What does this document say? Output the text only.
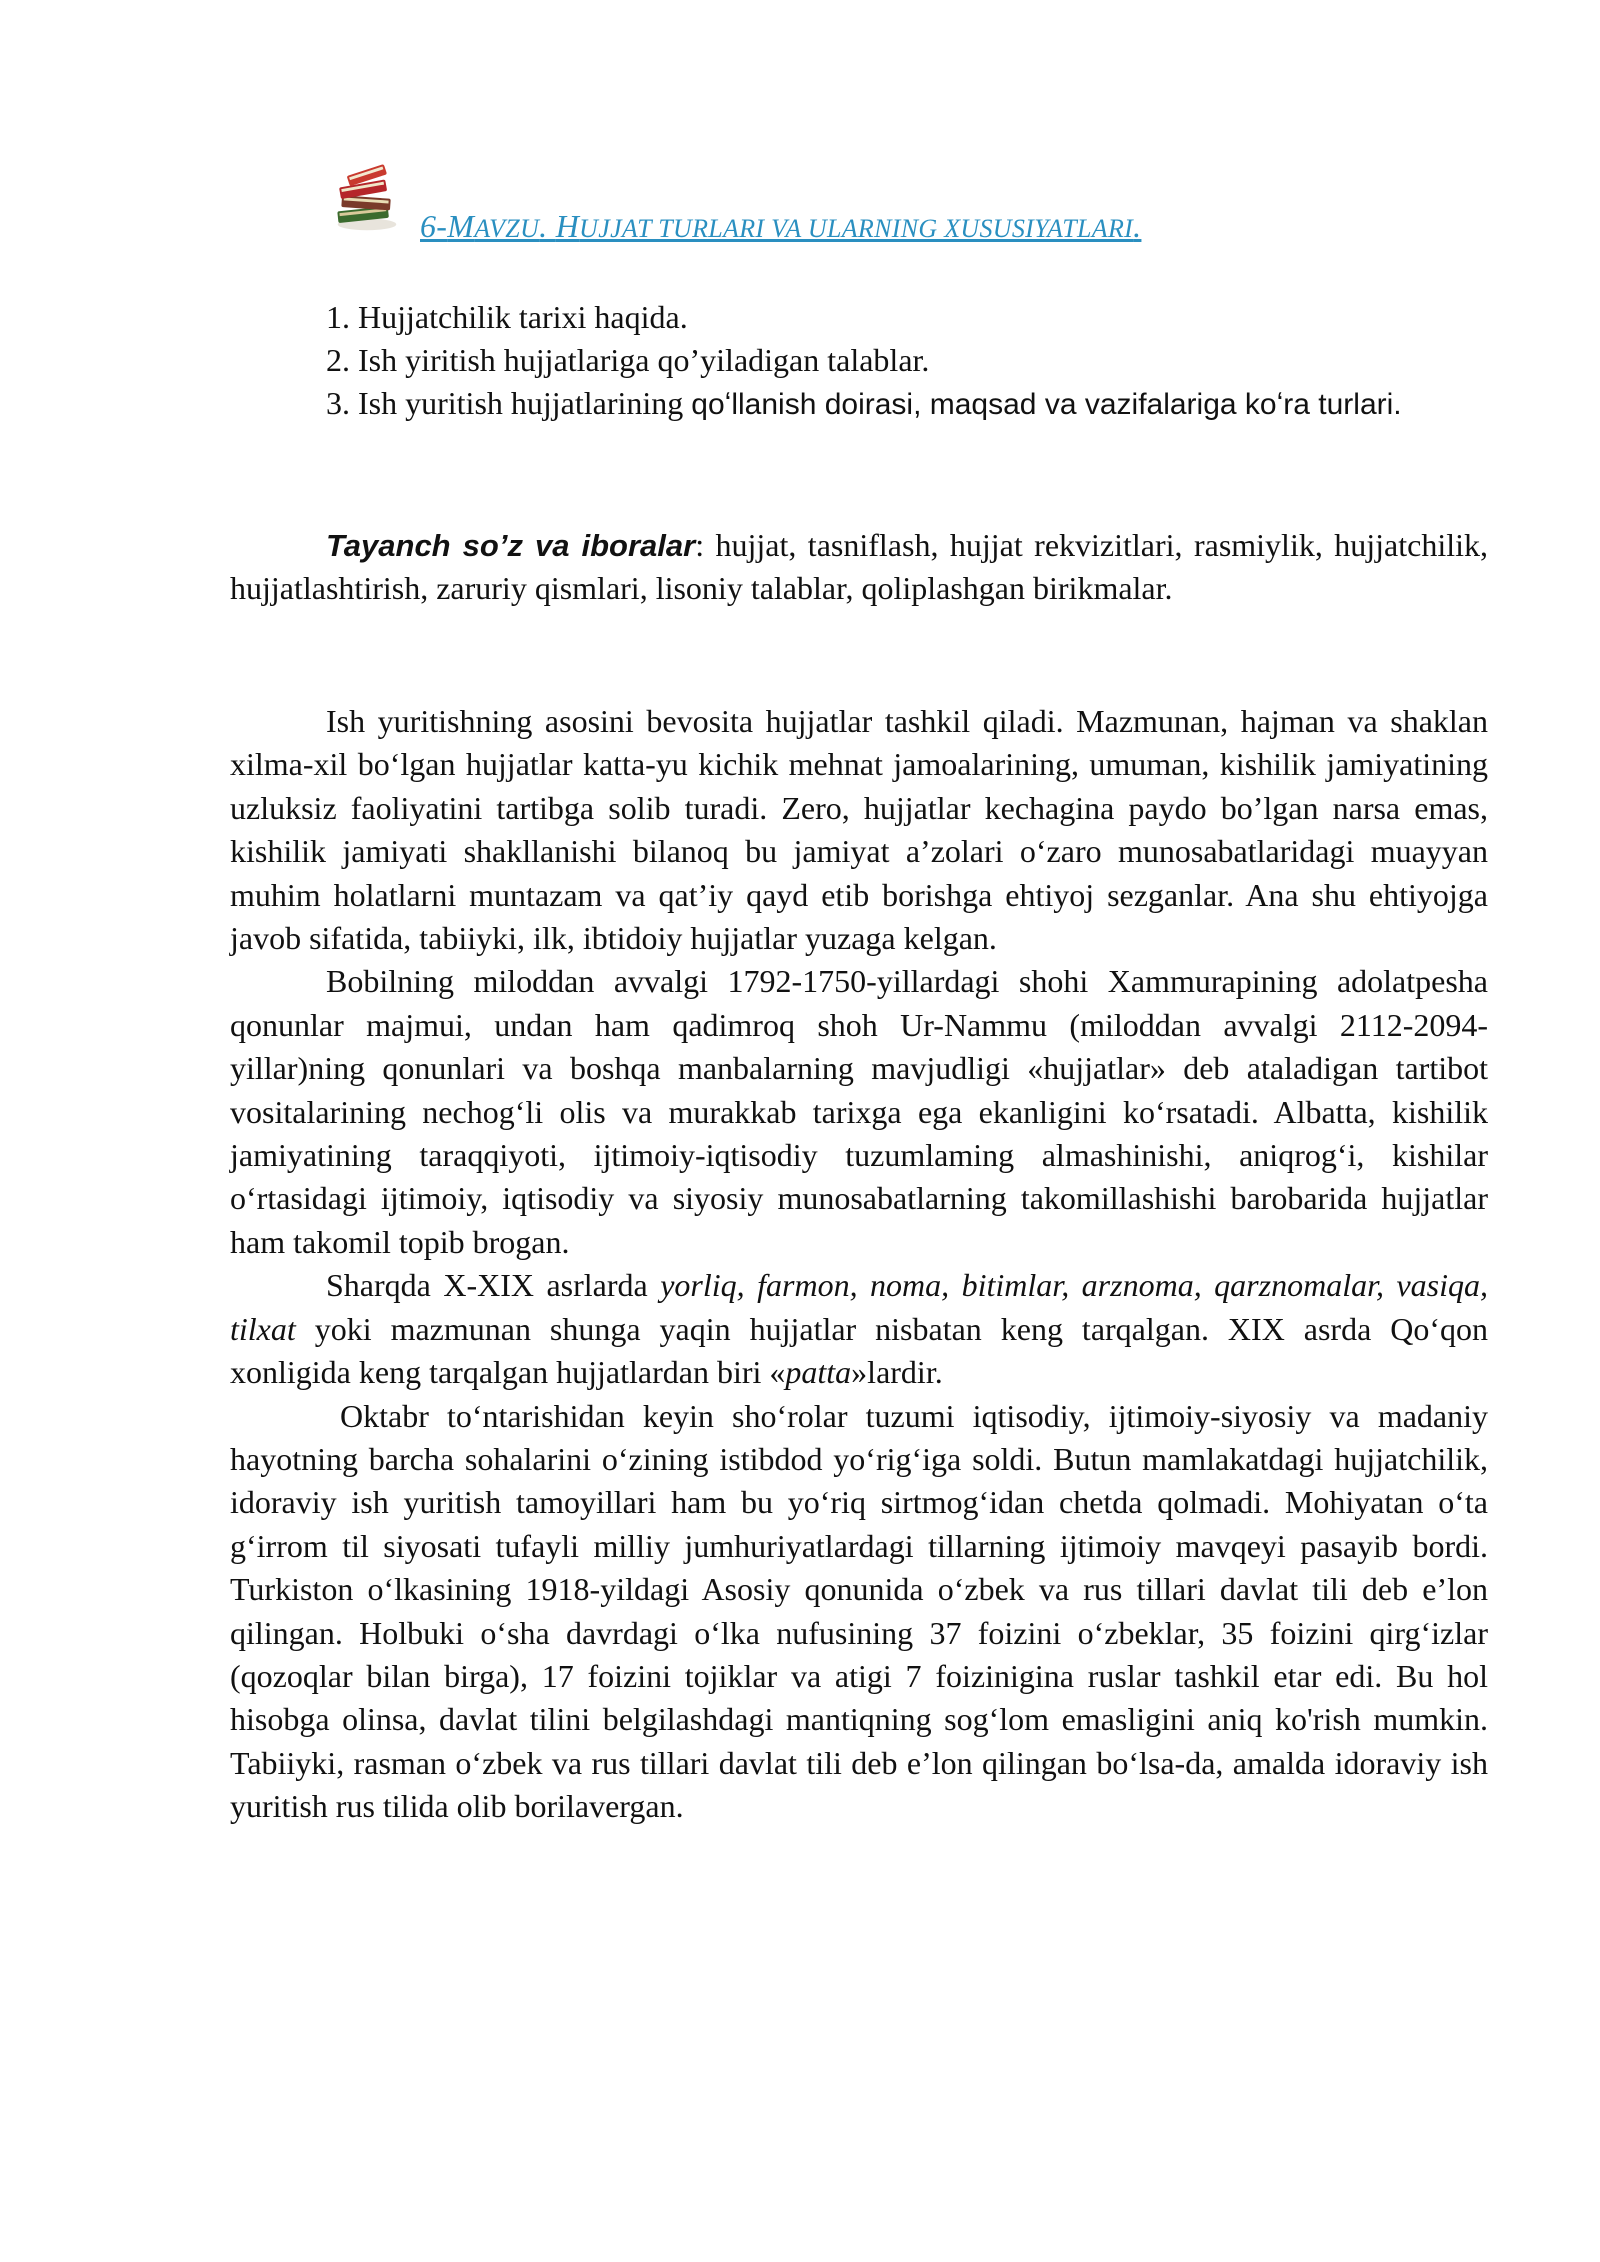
6-MAVZU. HUJJAT TURLARI VA ULARNING XUSUSIYATLARI.
1. Hujjatchilik tarixi haqida.
2. Ish yiritish hujjatlariga qo’yiladigan talablar.
3. Ish yuritish hujjatlarining qoʻllanish doirasi, maqsad va vazifalariga koʻra turlari.
Tayanch so’z va iboralar: hujjat, tasniflash, hujjat rekvizitlari, rasmiylik, hujjatchilik, hujjatlashtirish, zaruriy qismlari, lisoniy talablar, qoliplashgan birikmalar.

Ish yuritishning asosini bevosita hujjatlar tashkil qiladi. Mazmunan, hajman va shaklan xilma-xil boʻlgan hujjatlar katta-yu kichik mehnat jamoalarining, umuman, kishilik jamiyatining uzluksiz faoliyatini tartibga solib turadi. Zero, hujjatlar kechagina paydo bo’lgan narsa emas, kishilik jamiyati shakllanishi bilanoq bu jamiyat a’zolari oʻzaro munosabatlaridagi muayyan muhim holatlarni muntazam va qat’iy qayd etib borishga ehtiyoj sezganlar. Ana shu ehtiyojga javob sifatida, tabiiyki, ilk, ibtidoiy hujjatlar yuzaga kelgan.

Bobilning miloddan avvalgi 1792-1750-yillardagi shohi Xammurapining adolatpesha qonunlar majmui, undan ham qadimroq shoh Ur-Nammu (miloddan avvalgi 2112-2094-yillar)ning qonunlari va boshqa manbalarning mavjudligi «hujjatlar» deb ataladigan tartibot vositalarining nechogʻli olis va murakkab tarixga ega ekanligini koʻrsatadi. Albatta, kishilik jamiyatining taraqqiyoti, ijtimoiy-iqtisodiy tuzumlaming almashinishi, aniqrogʻi, kishilar oʻrtasidagi ijtimoiy, iqtisodiy va siyosiy munosabatlarning takomillashishi barobarida hujjatlar ham takomil topib brogan.

Sharqda X-XIX asrlarda yorliq, farmon, noma, bitimlar, arznoma, qarznomalar, vasiqa, tilxat yoki mazmunan shunga yaqin hujjatlar nisbatan keng tarqalgan. XIX asrda Qoʻqon xonligida keng tarqalgan hujjatlardan biri «patta»lardir.

Oktabr toʻntarishidan keyin shoʻrolar tuzumi iqtisodiy, ijtimoiy-siyosiy va madaniy hayotning barcha sohalarini oʻzining istibdod yoʻrigʻiga soldi. Butun mamlakatdagi hujjatchilik, idoraviy ish yuritish tamoyillari ham bu yoʻriq sirtmogʻidan chetda qolmadi. Mohiyatan oʻta gʻirrom til siyosati tufayli milliy jumhuriyatlardagi tillarning ijtimoiy mavqeyi pasayib bordi. Turkiston oʻlkasining 1918-yildagi Asosiy qonunida oʻzbek va rus tillari davlat tili deb e’lon qilingan. Holbuki oʻsha davrdagi oʻlka nufusining 37 foizini oʻzbeklar, 35 foizini qirgʻizlar (qozoqlar bilan birga), 17 foizini tojiklar va atigi 7 foizinigina ruslar tashkil etar edi. Bu hol hisobga olinsa, davlat tilini belgilashdagi mantiqning sogʻlom emasligini aniq ko'rish mumkin. Tabiiyki, rasman oʻzbek va rus tillari davlat tili deb e’lon qilingan boʻlsa-da, amalda idoraviy ish yuritish rus tilida olib borilavergan.
